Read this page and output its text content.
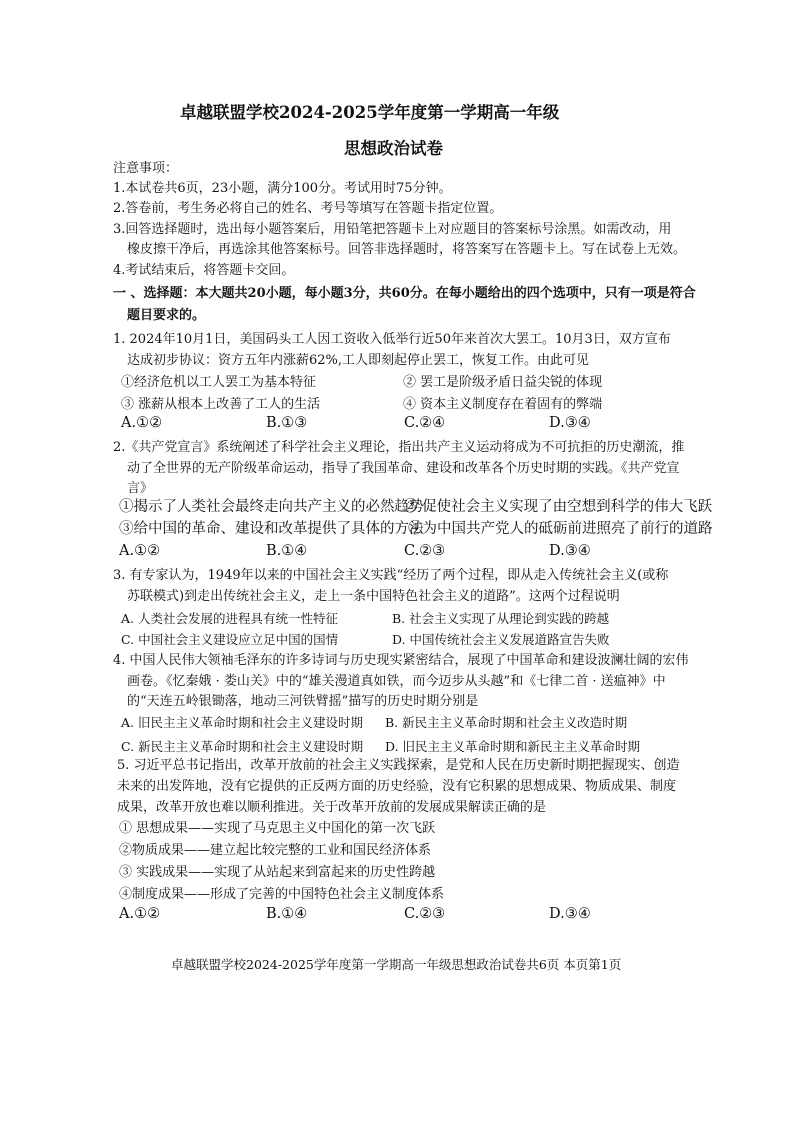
卓越联盟学校2024-2025学年度第一学期高一年级
思想政治试卷
注意事项：
1.本试卷共6页，23小题，满分100分。考试用时75分钟。
2.答卷前，考生务必将自己的姓名、考号等填写在答题卡指定位置。
3.回答选择题时，选出每小题答案后，用铅笔把答题卡上对应题目的答案标号涂黑。如需改动，用
橡皮擦干净后，再选涂其他答案标号。回答非选择题时，将答案写在答题卡上。写在试卷上无效。
4.考试结束后，将答题卡交回。
一 、选择题：本大题共20小题，每小题3分，共60分。在每小题给出的四个选项中，只有一项是符合
题目要求的。
1. 2024年10月1日，美国码头工人因工资收入低举行近50年来首次大罢工。10月3日，双方宣布
达成初步协议：资方五年内涨薪62%,工人即刻起停止罢工，恢复工作。由此可见
①经济危机以工人罢工为基本特征	② 罢工是阶级矛盾日益尖锐的体现
③ 涨薪从根本上改善了工人的生活	④ 资本主义制度存在着固有的弊端
A.①②	B.①③	C.②④	D.③④
2.《共产党宣言》系统阐述了科学社会主义理论，指出共产主义运动将成为不可抗拒的历史潮流，推
动了全世界的无产阶级革命运动，指导了我国革命、建设和改革各个历史时期的实践。《共产党宣
言》
①揭示了人类社会最终走向共产主义的必然趋势
② 促使社会主义实现了由空想到科学的伟大飞跃
③给中国的革命、建设和改革提供了具体的方法
④为中国共产党人的砥砺前进照亮了前行的道路
A.①②	B.①④	C.②③	D.③④
3. 有专家认为，1949年以来的中国社会主义实践“经历了两个过程，即从走入传统社会主义(或称
苏联模式)到走出传统社会主义，走上一条中国特色社会主义的道路”。这两个过程说明
A. 人类社会发展的进程具有统一性特征	B. 社会主义实现了从理论到实践的跨越
C. 中国社会主义建设应立足中国的国情	D. 中国传统社会主义发展道路宣告失败
4. 中国人民伟大领袖毛泽东的许多诗词与历史现实紧密结合，展现了中国革命和建设波澜壮阔的宏伟
画卷。《忆秦娥 · 娄山关》中的“雄关漫道真如铁，而今迈步从头越”和《七律二首 · 送瘟神》中
的“天连五岭银锄落，地动三河铁臂摇”描写的历史时期分别是
A. 旧民主主义革命时期和社会主义建设时期 B. 新民主主义革命时期和社会主义改造时期
C. 新民主主义革命时期和社会主义建设时期 D. 旧民主主义革命时期和新民主主义革命时期
5. 习近平总书记指出，改革开放前的社会主义实践探索，是党和人民在历史新时期把握现实、创造
未来的出发阵地，没有它提供的正反两方面的历史经验，没有它积累的思想成果、物质成果、制度
成果，改革开放也难以顺利推进。关于改革开放前的发展成果解读正确的是
① 思想成果——实现了马克思主义中国化的第一次飞跃
②物质成果——建立起比较完整的工业和国民经济体系
③ 实践成果——实现了从站起来到富起来的历史性跨越
④制度成果——形成了完善的中国特色社会主义制度体系
A.①②	B.①④	C.②③	D.③④
卓越联盟学校2024-2025学年度第一学期高一年级思想政治试卷共6页 本页第1页
